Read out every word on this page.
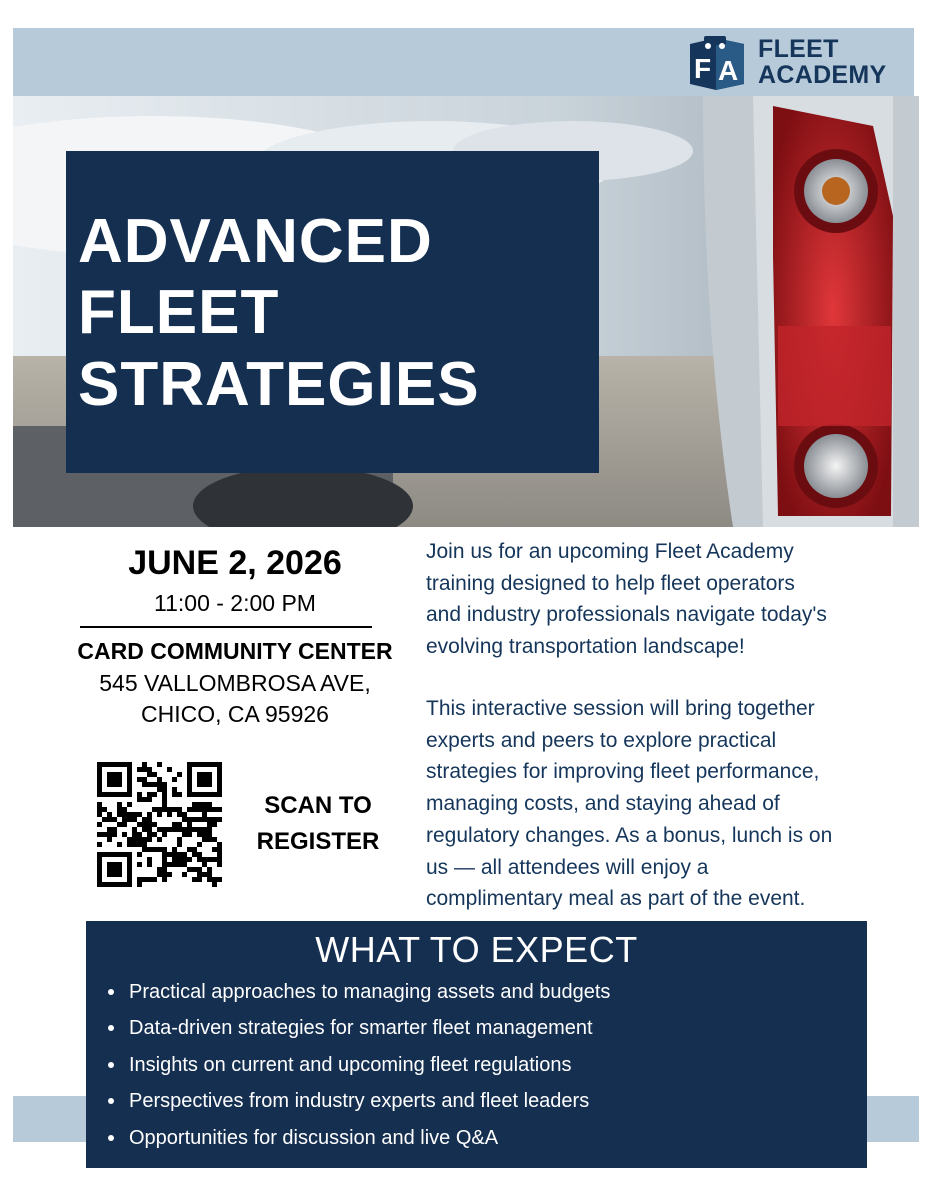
F A
FLEET
ACADEMY
ADVANCED
FLEET
STRATEGIES
JUNE 2, 2026
11:00 - 2:00 PM
CARD COMMUNITY CENTER
545 VALLOMBROSA AVE,
CHICO, CA 95926
SCAN TO
REGISTER
Join us for an upcoming Fleet Academy
training designed to help fleet operators
and industry professionals navigate today's
evolving transportation landscape!
This interactive session will bring together
experts and peers to explore practical
strategies for improving fleet performance,
managing costs, and staying ahead of
regulatory changes. As a bonus, lunch is on
us — all attendees will enjoy a
complimentary meal as part of the event.
WHAT TO EXPECT
Practical approaches to managing assets and budgets
Data-driven strategies for smarter fleet management
Insights on current and upcoming fleet regulations
Perspectives from industry experts and fleet leaders
Opportunities for discussion and live Q&A
